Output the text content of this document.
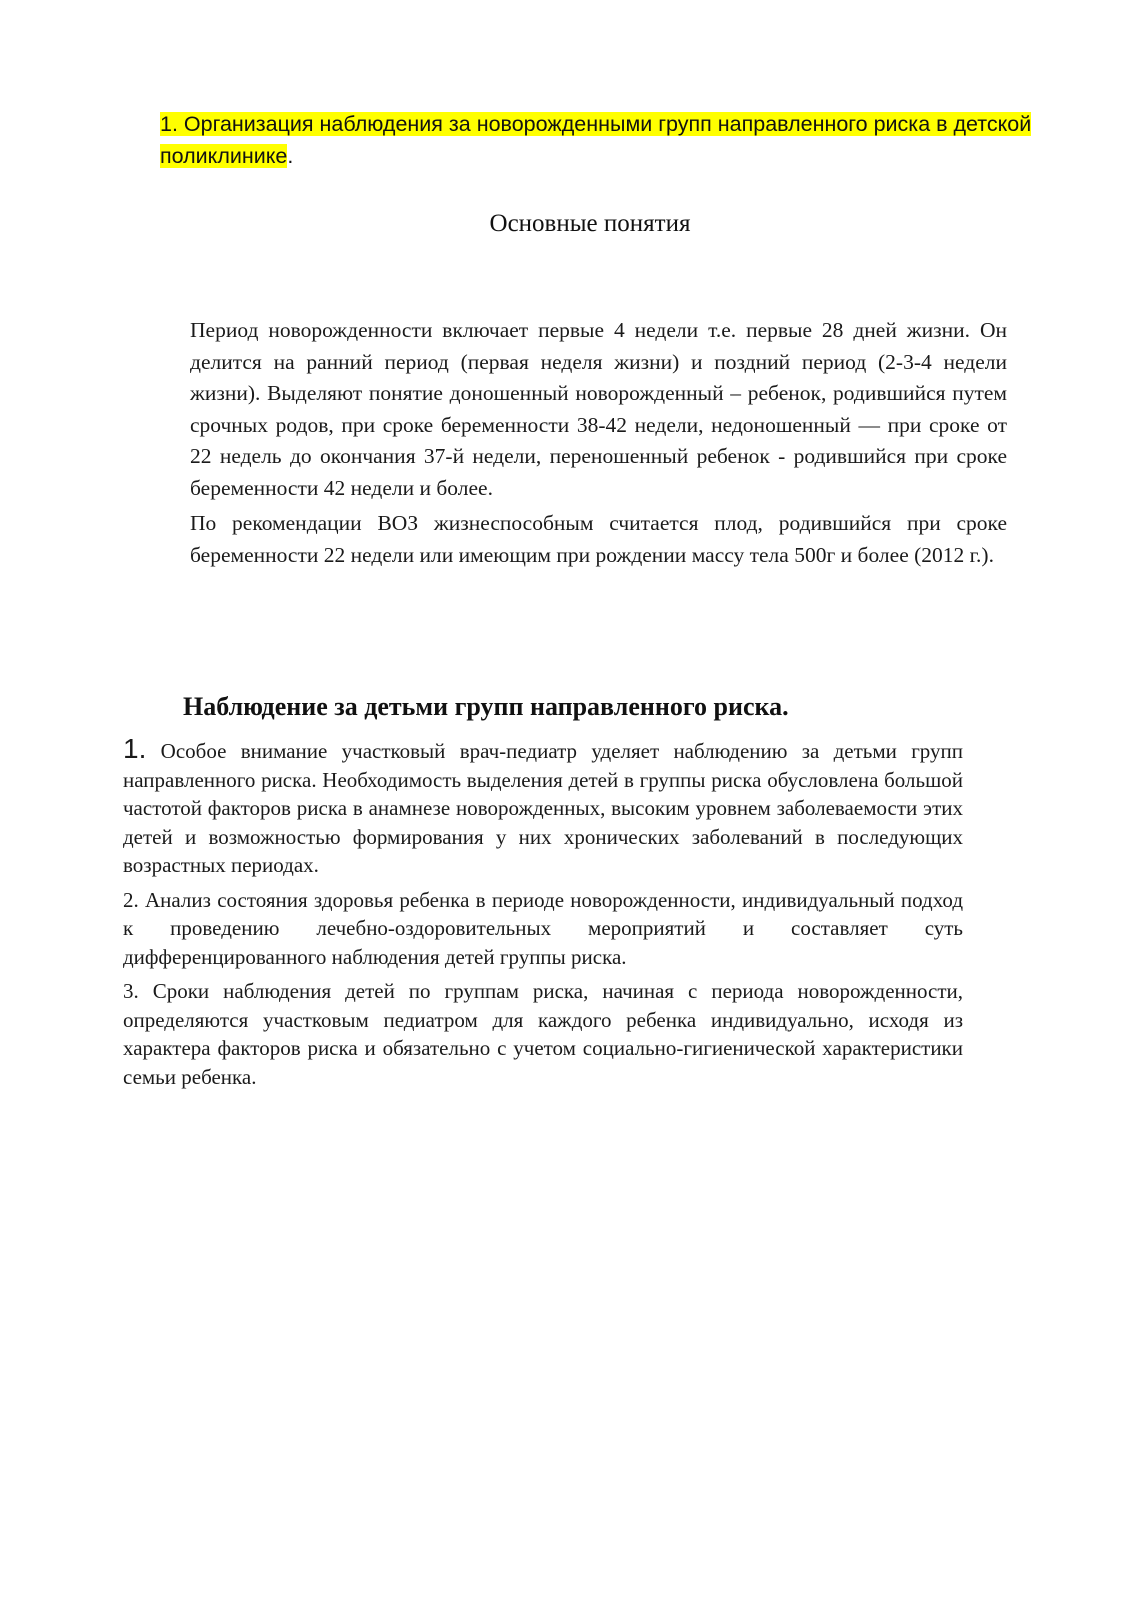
1. Организация наблюдения за новорожденными групп направленного риска в детской поликлинике.
Основные понятия

Период новорожденности включает первые 4 недели т.е. первые 28 дней жизни. Он делится на ранний период (первая неделя жизни) и поздний период (2-3-4 недели жизни). Выделяют понятие доношенный новорожденный – ребенок, родившийся путем срочных родов, при сроке беременности 38-42 недели, недоношенный — при сроке от 22 недель до окончания 37-й недели, переношенный ребенок - родившийся при сроке беременности 42 недели и более.

По рекомендации ВОЗ жизнеспособным считается плод, родившийся при сроке беременности 22 недели или имеющим при рождении массу тела 500г и более (2012 г.).

Наблюдение за детьми групп направленного риска.

1. Особое внимание участковый врач-педиатр уделяет наблюдению за детьми групп направленного риска. Необходимость выделения детей в группы риска обусловлена большой частотой факторов риска в анамнезе новорожденных, высоким уровнем заболеваемости этих детей и возможностью формирования у них хронических заболеваний в последующих возрастных периодах.

2. Анализ состояния здоровья ребенка в периоде новорожденности, индивидуальный подход к проведению лечебно-оздоровительных мероприятий и составляет суть дифференцированного наблюдения детей группы риска.

3. Сроки наблюдения детей по группам риска, начиная с периода новорожденности, определяются участковым педиатром для каждого ребенка индивидуально, исходя из характера факторов риска и обязательно с учетом социально-гигиенической характеристики семьи ребенка.
